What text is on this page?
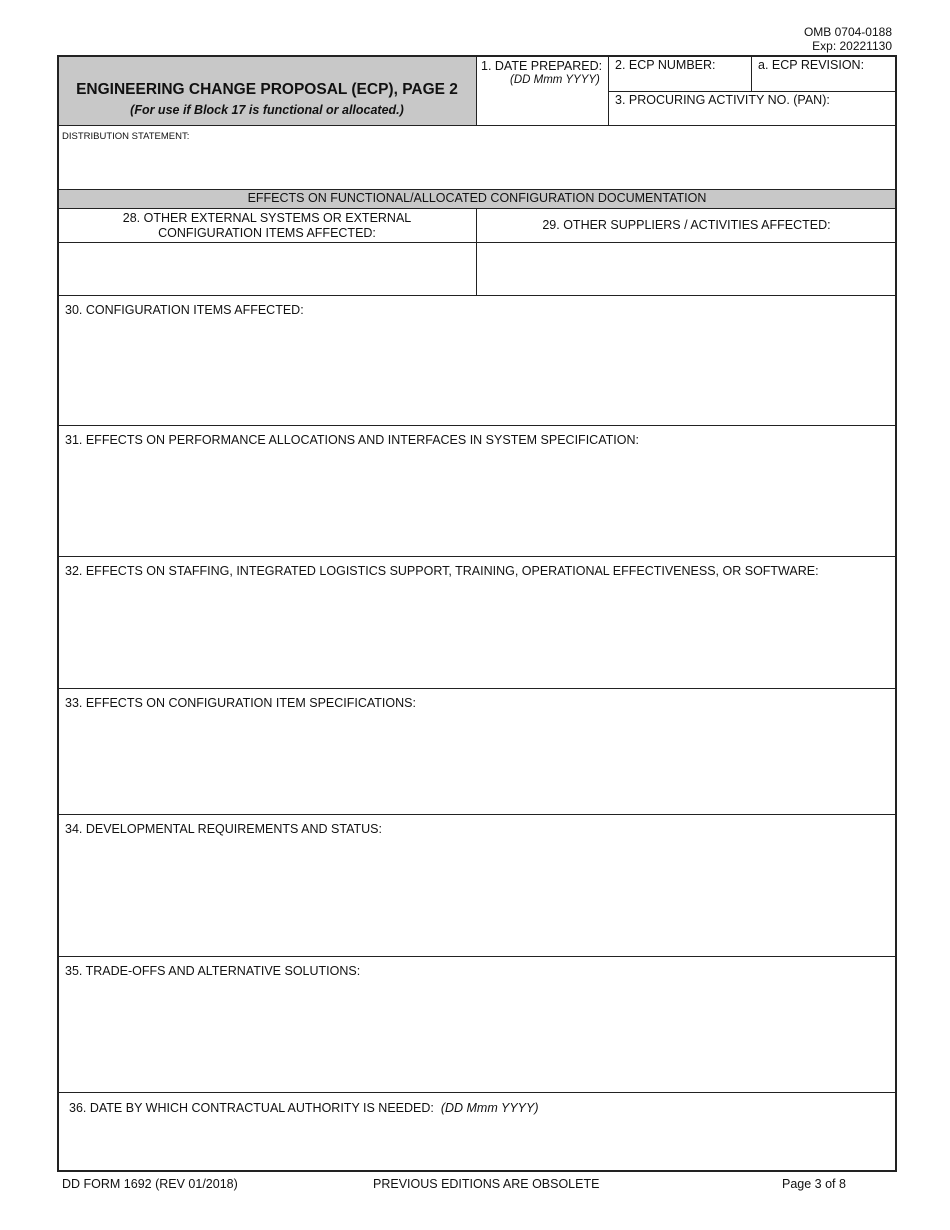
OMB 0704-0188
Exp: 20221130
ENGINEERING CHANGE PROPOSAL (ECP), PAGE 2
(For use if Block 17 is functional or allocated.)
1. DATE PREPARED:
(DD Mmm YYYY)
2. ECP NUMBER:	a. ECP REVISION:
3. PROCURING ACTIVITY NO. (PAN):
DISTRIBUTION STATEMENT:
EFFECTS ON FUNCTIONAL/ALLOCATED CONFIGURATION DOCUMENTATION
28. OTHER EXTERNAL SYSTEMS OR EXTERNAL
CONFIGURATION ITEMS AFFECTED:
29. OTHER SUPPLIERS / ACTIVITIES AFFECTED:
30. CONFIGURATION ITEMS AFFECTED:
31. EFFECTS ON PERFORMANCE ALLOCATIONS AND INTERFACES IN SYSTEM SPECIFICATION:
32. EFFECTS ON STAFFING, INTEGRATED LOGISTICS SUPPORT, TRAINING, OPERATIONAL EFFECTIVENESS, OR SOFTWARE:
33. EFFECTS ON CONFIGURATION ITEM SPECIFICATIONS:
34. DEVELOPMENTAL REQUIREMENTS AND STATUS:
35. TRADE-OFFS AND ALTERNATIVE SOLUTIONS:
36. DATE BY WHICH CONTRACTUAL AUTHORITY IS NEEDED: (DD Mmm YYYY)
DD FORM 1692 (REV 01/2018)	PREVIOUS EDITIONS ARE OBSOLETE	Page 3 of 8
